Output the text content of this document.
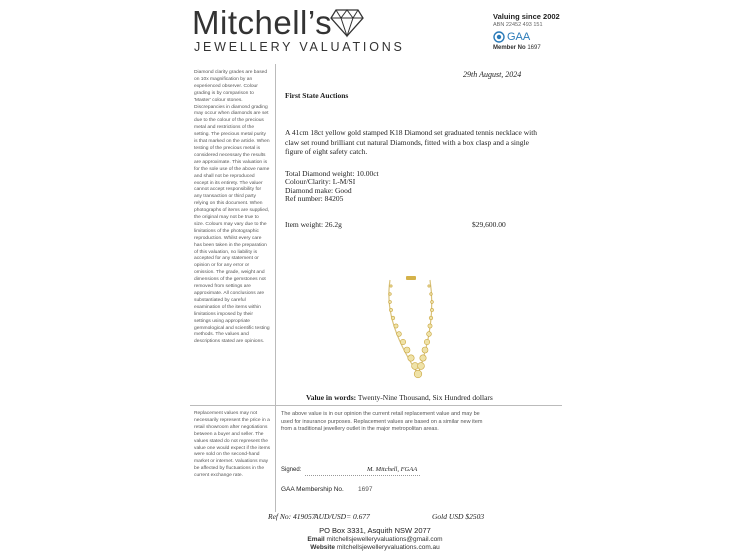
Mitchell’s
JEWELLERY VALUATIONS
Valuing since 2002
ABN 22452 493 151
GAA
Member No 1697
Diamond clarity grades are based on 10x magnification by an experienced observer. Colour grading is by comparison to 'Master' colour stones. Discrepancies in diamond grading may occur when diamonds are set due to the colour of the precious metal and restrictions of the setting. The precious metal purity is that marked on the article. When testing of the precious metal is considered necessary the results are approximate. This valuation is for the sole use of the above name and shall not be reproduced except in its entirety. The valuer cannot accept responsibility for any transaction or third party relying on this document. When photographs of items are supplied, the original may not be true to size. Colours may vary due to the limitations of the photographic reproduction. Whilst every care has been taken in the preparation of this valuation, no liability is accepted for any statement or opinion or for any error or omission. The grade, weight and dimensions of the gemstones not removed from settings are approximate. All conclusions are substantiated by careful examination of the items within limitations imposed by their settings using appropriate gemmological and scientific testing methods. The values and descriptions stated are opinions.
Replacement values may not necessarily represent the price in a retail showroom after negotiations between a buyer and seller. The values stated do not represent the value one would expect if the items were sold on the second-hand market or internet. Valuations may be affected by fluctuations in the current exchange rate.
29th August, 2024
First State Auctions
A 41cm 18ct yellow gold stamped K18 Diamond set graduated tennis necklace with claw set round brilliant cut natural Diamonds, fitted with a box clasp and a single figure of eight safety catch.
Total Diamond weight: 10.00ct
Colour/Clarity: L-M/SI
Diamond make: Good
Ref number: 84205
Item weight: 26.2g	$29,600.00
Value in words: Twenty-Nine Thousand, Six Hundred dollars
The above value is in our opinion the current retail replacement value and may be used for insurance purposes. Replacement values are based on a similar new item from a traditional jewellery outlet in the major metropolitan areas.
Signed:	M. Mitchell, FGAA
GAA Membership No. 1697
Ref No: 419057
AUD/USD= 0.677	Gold USD $2503
PO Box 3331, Asquith NSW 2077
Email mitchellsjewelleryvaluations@gmail.com
Website mitchellsjewelleryvaluations.com.au
